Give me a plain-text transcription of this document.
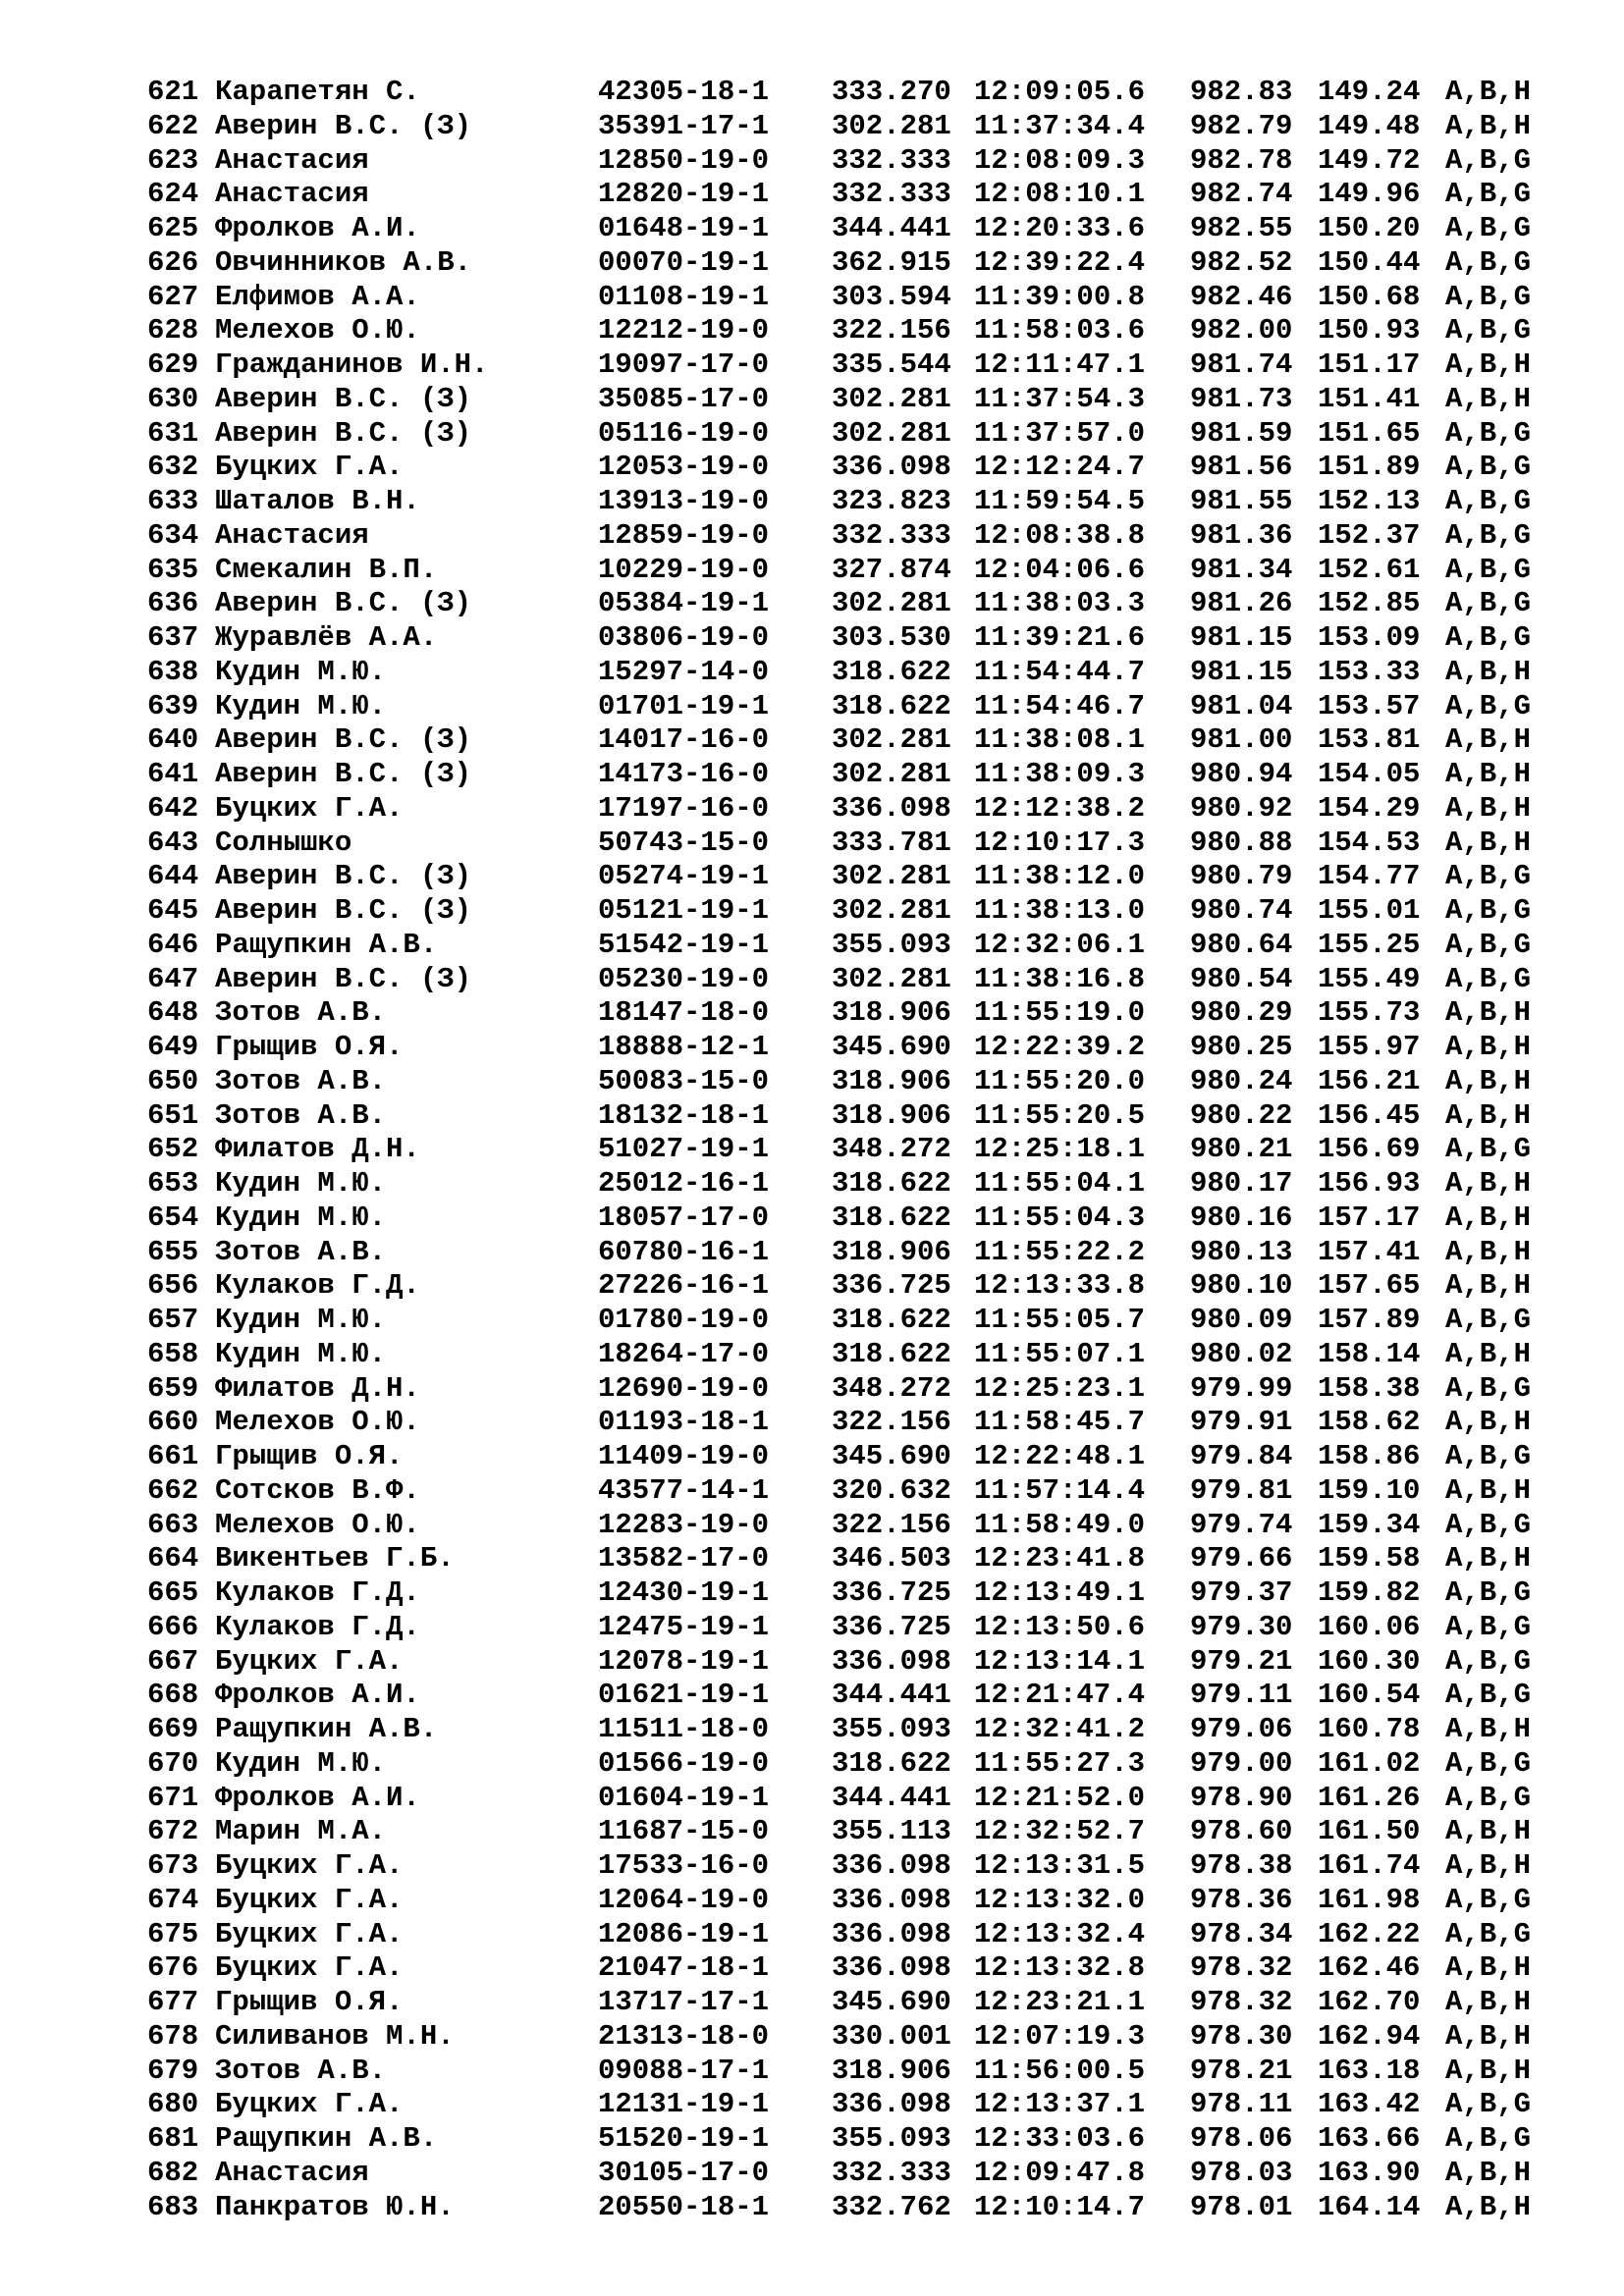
621 Карапетян С.	42305-18-1 333.270 12:09:05.6 982.83 149.24 A,B,H
622 Аверин В.С. (З)	35391-17-1 302.281 11:37:34.4 982.79 149.48 A,B,H
623 Анастасия	12850-19-0 332.333 12:08:09.3 982.78 149.72 A,B,G
624 Анастасия	12820-19-1 332.333 12:08:10.1 982.74 149.96 A,B,G
625 Фролков А.И.	01648-19-1 344.441 12:20:33.6 982.55 150.20 A,B,G
626 Овчинников А.В.	00070-19-1 362.915 12:39:22.4 982.52 150.44 A,B,G
627 Елфимов А.А.	01108-19-1 303.594 11:39:00.8 982.46 150.68 A,B,G
628 Мелехов О.Ю.	12212-19-0 322.156 11:58:03.6 982.00 150.93 A,B,G
629 Гражданинов И.Н.	19097-17-0 335.544 12:11:47.1 981.74 151.17 A,B,H
630 Аверин В.С. (З)	35085-17-0 302.281 11:37:54.3 981.73 151.41 A,B,H
631 Аверин В.С. (З)	05116-19-0 302.281 11:37:57.0 981.59 151.65 A,B,G
632 Буцких Г.А.	12053-19-0 336.098 12:12:24.7 981.56 151.89 A,B,G
633 Шаталов В.Н.	13913-19-0 323.823 11:59:54.5 981.55 152.13 A,B,G
634 Анастасия	12859-19-0 332.333 12:08:38.8 981.36 152.37 A,B,G
635 Смекалин В.П.	10229-19-0 327.874 12:04:06.6 981.34 152.61 A,B,G
636 Аверин В.С. (З)	05384-19-1 302.281 11:38:03.3 981.26 152.85 A,B,G
637 Журавлёв А.А.	03806-19-0 303.530 11:39:21.6 981.15 153.09 A,B,G
638 Кудин М.Ю.	15297-14-0 318.622 11:54:44.7 981.15 153.33 A,B,H
639 Кудин М.Ю.	01701-19-1 318.622 11:54:46.7 981.04 153.57 A,B,G
640 Аверин В.С. (З)	14017-16-0 302.281 11:38:08.1 981.00 153.81 A,B,H
641 Аверин В.С. (З)	14173-16-0 302.281 11:38:09.3 980.94 154.05 A,B,H
642 Буцких Г.А.	17197-16-0 336.098 12:12:38.2 980.92 154.29 A,B,H
643 Солнышко	50743-15-0 333.781 12:10:17.3 980.88 154.53 A,B,H
644 Аверин В.С. (З)	05274-19-1 302.281 11:38:12.0 980.79 154.77 A,B,G
645 Аверин В.С. (З)	05121-19-1 302.281 11:38:13.0 980.74 155.01 A,B,G
646 Ращупкин А.В.	51542-19-1 355.093 12:32:06.1 980.64 155.25 A,B,G
647 Аверин В.С. (З)	05230-19-0 302.281 11:38:16.8 980.54 155.49 A,B,G
648 Зотов А.В.	18147-18-0 318.906 11:55:19.0 980.29 155.73 A,B,H
649 Грыщив О.Я.	18888-12-1 345.690 12:22:39.2 980.25 155.97 A,B,H
650 Зотов А.В.	50083-15-0 318.906 11:55:20.0 980.24 156.21 A,B,H
651 Зотов А.В.	18132-18-1 318.906 11:55:20.5 980.22 156.45 A,B,H
652 Филатов Д.Н.	51027-19-1 348.272 12:25:18.1 980.21 156.69 A,B,G
653 Кудин М.Ю.	25012-16-1 318.622 11:55:04.1 980.17 156.93 A,B,H
654 Кудин М.Ю.	18057-17-0 318.622 11:55:04.3 980.16 157.17 A,B,H
655 Зотов А.В.	60780-16-1 318.906 11:55:22.2 980.13 157.41 A,B,H
656 Кулаков Г.Д.	27226-16-1 336.725 12:13:33.8 980.10 157.65 A,B,H
657 Кудин М.Ю.	01780-19-0 318.622 11:55:05.7 980.09 157.89 A,B,G
658 Кудин М.Ю.	18264-17-0 318.622 11:55:07.1 980.02 158.14 A,B,H
659 Филатов Д.Н.	12690-19-0 348.272 12:25:23.1 979.99 158.38 A,B,G
660 Мелехов О.Ю.	01193-18-1 322.156 11:58:45.7 979.91 158.62 A,B,H
661 Грыщив О.Я.	11409-19-0 345.690 12:22:48.1 979.84 158.86 A,B,G
662 Сотсков В.Ф.	43577-14-1 320.632 11:57:14.4 979.81 159.10 A,B,H
663 Мелехов О.Ю.	12283-19-0 322.156 11:58:49.0 979.74 159.34 A,B,G
664 Викентьев Г.Б.	13582-17-0 346.503 12:23:41.8 979.66 159.58 A,B,H
665 Кулаков Г.Д.	12430-19-1 336.725 12:13:49.1 979.37 159.82 A,B,G
666 Кулаков Г.Д.	12475-19-1 336.725 12:13:50.6 979.30 160.06 A,B,G
667 Буцких Г.А.	12078-19-1 336.098 12:13:14.1 979.21 160.30 A,B,G
668 Фролков А.И.	01621-19-1 344.441 12:21:47.4 979.11 160.54 A,B,G
669 Ращупкин А.В.	11511-18-0 355.093 12:32:41.2 979.06 160.78 A,B,H
670 Кудин М.Ю.	01566-19-0 318.622 11:55:27.3 979.00 161.02 A,B,G
671 Фролков А.И.	01604-19-1 344.441 12:21:52.0 978.90 161.26 A,B,G
672 Марин М.А.	11687-15-0 355.113 12:32:52.7 978.60 161.50 A,B,H
673 Буцких Г.А.	17533-16-0 336.098 12:13:31.5 978.38 161.74 A,B,H
674 Буцких Г.А.	12064-19-0 336.098 12:13:32.0 978.36 161.98 A,B,G
675 Буцких Г.А.	12086-19-1 336.098 12:13:32.4 978.34 162.22 A,B,G
676 Буцких Г.А.	21047-18-1 336.098 12:13:32.8 978.32 162.46 A,B,H
677 Грыщив О.Я.	13717-17-1 345.690 12:23:21.1 978.32 162.70 A,B,H
678 Силиванов М.Н.	21313-18-0 330.001 12:07:19.3 978.30 162.94 A,B,H
679 Зотов А.В.	09088-17-1 318.906 11:56:00.5 978.21 163.18 A,B,H
680 Буцких Г.А.	12131-19-1 336.098 12:13:37.1 978.11 163.42 A,B,G
681 Ращупкин А.В.	51520-19-1 355.093 12:33:03.6 978.06 163.66 A,B,G
682 Анастасия	30105-17-0 332.333 12:09:47.8 978.03 163.90 A,B,H
683 Панкратов Ю.Н.	20550-18-1 332.762 12:10:14.7 978.01 164.14 A,B,H
